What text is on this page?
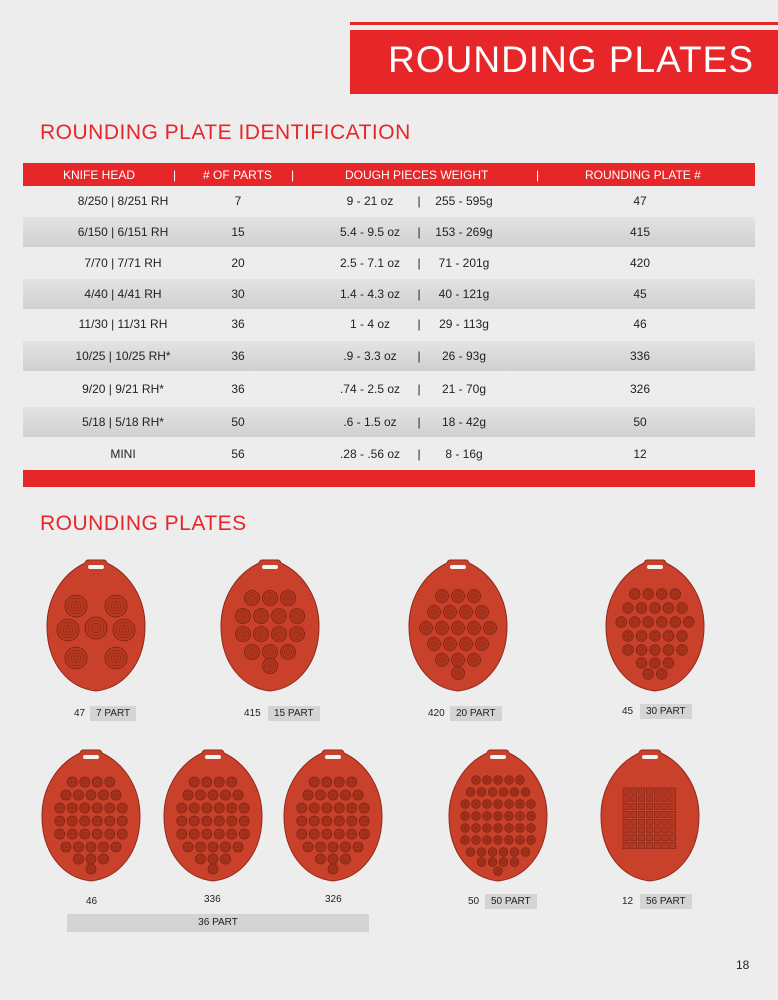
ROUNDING PLATES
ROUNDING PLATE IDENTIFICATION
KNIFE HEAD	| # OF PARTS |	DOUGH PIECES WEIGHT	|	ROUNDING PLATE #
8/250 | 8/251 RH	7	9 - 21 oz | 255 - 595g	47
6/150 | 6/151 RH	15	5.4 - 9.5 oz | 153 - 269g	415
7/70 | 7/71 RH	20	2.5 - 7.1 oz | 71 - 201g	420
4/40 | 4/41 RH	30	1.4 - 4.3 oz | 40 - 121g	45
11/30 | 11/31 RH	36	1 - 4 oz | 29 - 113g	46
10/25 | 10/25 RH*	36	.9 - 3.3 oz | 26 - 93g	336
9/20 | 9/21 RH*	36	.74 - 2.5 oz | 21 - 70g	326
5/18 | 5/18 RH*	50	.6 - 1.5 oz | 18 - 42g	50
MINI	56	.28 - .56 oz | 8 - 16g	12
ROUNDING PLATES
47	7 PART	415	15 PART	420	20 PART	45	30 PART
46	336	326	50	50 PART	12	56 PART
36 PART
18
